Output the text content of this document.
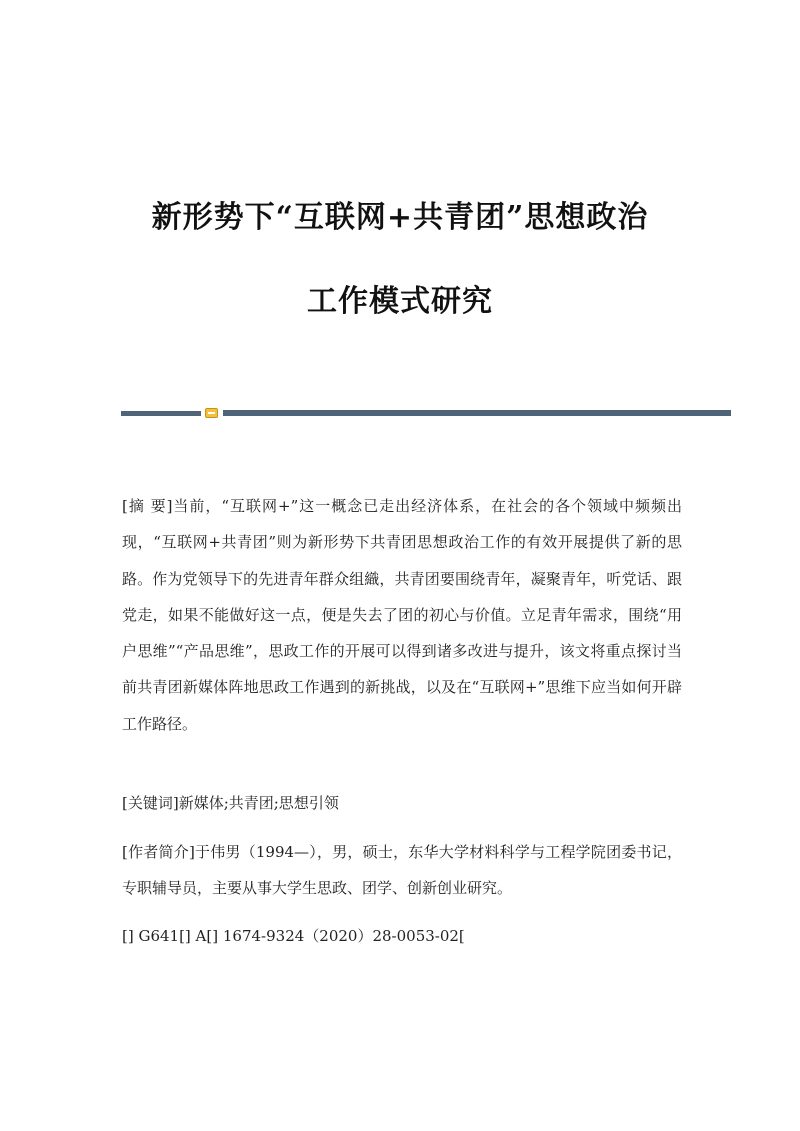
新形势下“互联网+共青团”思想政治
工作模式研究

[摘 要]当前，“互联网+”这一概念已走出经济体系，在社会的各个领域中频频出现，“互联网+共青团”则为新形势下共青团思想政治工作的有效开展提供了新的思路。作为党领导下的先进青年群众组織，共青团要围绕青年，凝聚青年，听党话、跟党走，如果不能做好这一点，便是失去了团的初心与价值。立足青年需求，围绕“用户思维”“产品思维”，思政工作的开展可以得到诸多改进与提升，该文将重点探讨当前共青团新媒体阵地思政工作遇到的新挑战，以及在“互联网+”思维下应当如何开辟工作路径。

[关键词]新媒体;共青团;思想引领

[作者简介]于伟男（1994—），男，硕士，东华大学材料科学与工程学院团委书记，专职辅导员，主要从事大学生思政、团学、创新创业研究。

[] G641[] A[] 1674-9324（2020）28-0053-02[
